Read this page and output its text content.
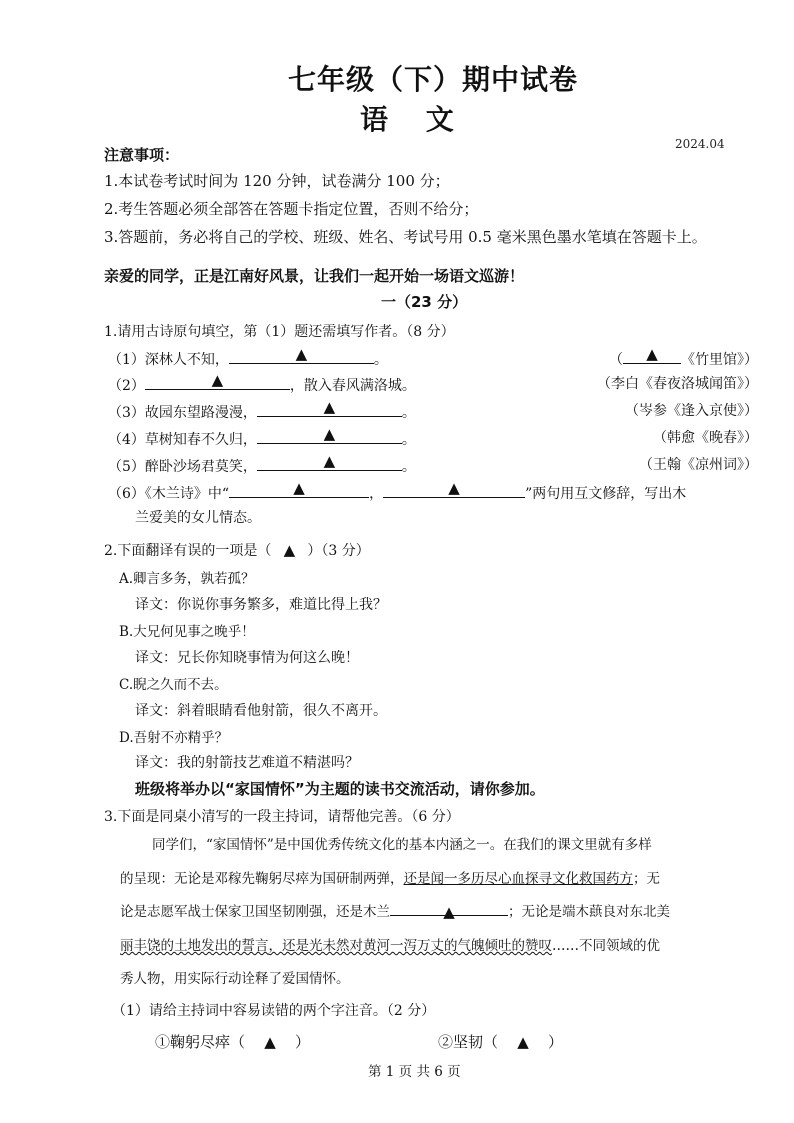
七年级（下）期中试卷
语 文
2024.04
注意事项：
1.本试卷考试时间为 120 分钟，试卷满分 100 分；
2.考生答题必须全部答在答题卡指定位置，否则不给分；
3.答题前，务必将自己的学校、班级、姓名、考试号用 0.5 毫米黑色墨水笔填在答题卡上。
亲爱的同学，正是江南好风景，让我们一起开始一场语文巡游！
一（23 分）
1.请用古诗原句填空，第（1）题还需填写作者。（8 分）
（1）深林人不知，	▲	。	（ ▲ 《竹里馆》）
（2）	▲	，散入春风满洛城。	（李白《春夜洛城闻笛》）
（3）故园东望路漫漫，	▲	。	（岑参《逢入京使》）
（4）草树知春不久归，	▲	。	（韩愈《晚春》）
（5）醉卧沙场君莫笑，	▲	。	（王翰《凉州词》）
（6）《木兰诗》中“	▲	，	▲	”两句用互文修辞，写出木
兰爱美的女儿情态。
2.下面翻译有误的一项是（ ▲ ）（3 分）
A.卿言多务，孰若孤？
译文：你说你事务繁多，难道比得上我？
B.大兄何见事之晚乎！
译文：兄长你知晓事情为何这么晚！
C.睨之久而不去。
译文：斜着眼睛看他射箭，很久不离开。
D.吾射不亦精乎？
译文：我的射箭技艺难道不精湛吗？
班级将举办以“家国情怀”为主题的读书交流活动，请你参加。
3.下面是同桌小清写的一段主持词，请帮他完善。（6 分）
同学们，“家国情怀”是中国优秀传统文化的基本内涵之一。在我们的课文里就有多样
的呈现：无论是邓稼先鞠躬尽瘁为国研制两弹，还是闻一多历尽心血探寻文化救国药方；无
论是志愿军战士保家卫国坚韧刚强，还是木兰	▲	；无论是端木蕻良对东北美
丽丰饶的土地发出的誓言，还是光未然对黄河一泻万丈的气魄倾吐的赞叹……不同领域的优
秀人物，用实际行动诠释了爱国情怀。
（1）请给主持词中容易读错的两个字注音。（2 分）
①鞠躬尽瘁（ ▲ ）	②坚韧（ ▲ ）
第 1 页 共 6 页
